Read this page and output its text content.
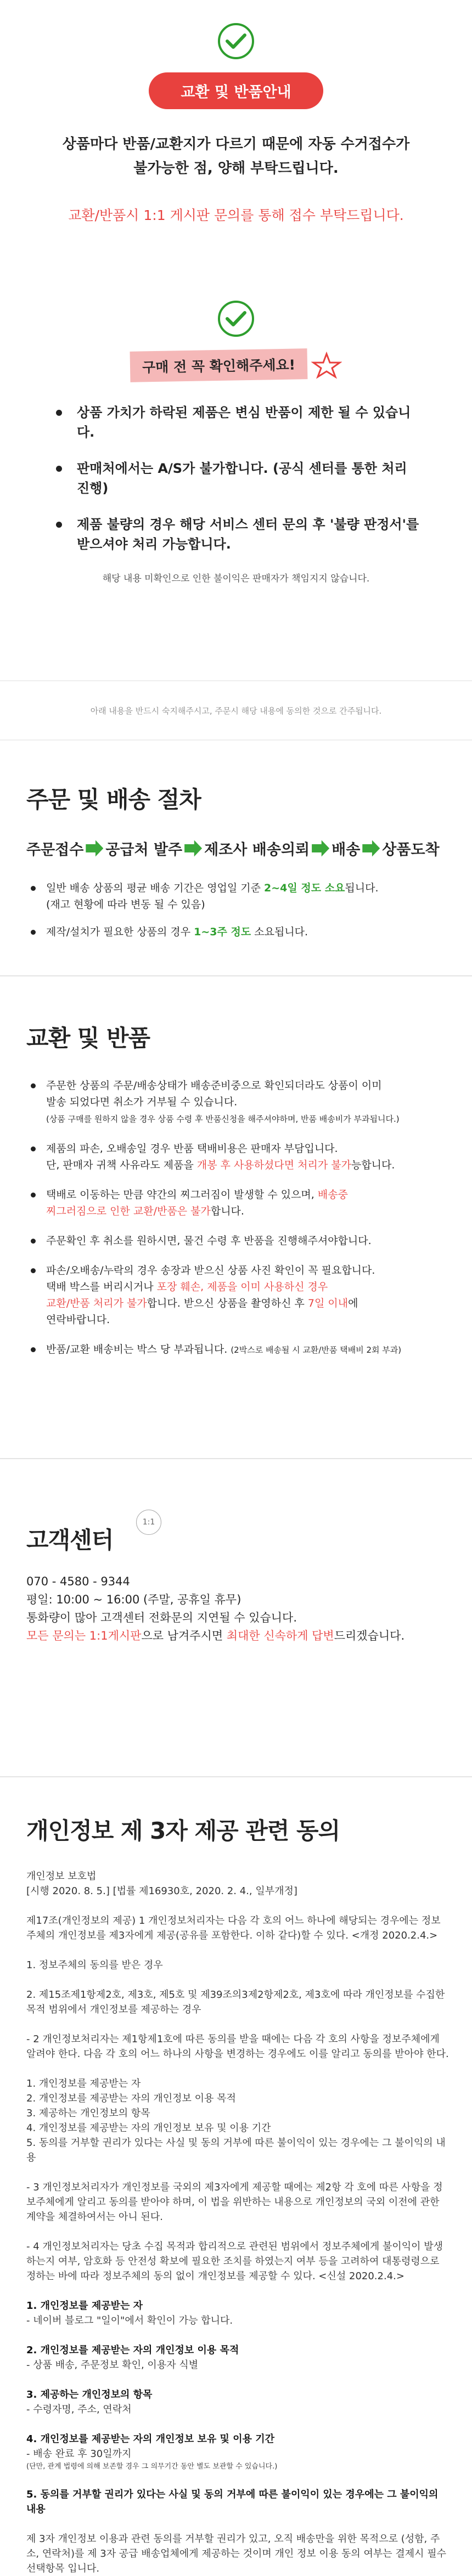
교환 및 반품안내
상품마다 반품/교환지가 다르기 때문에 자동 수거접수가
불가능한 점, 양해 부탁드립니다.
교환/반품시 1:1 게시판 문의를 통해 접수 부탁드립니다.
구매 전 꼭 확인해주세요!
상품 가치가 하락된 제품은 변심 반품이 제한 될 수 있습니다.
판매처에서는 A/S가 불가합니다. (공식 센터를 통한 처리 진행)
제품 불량의 경우 해당 서비스 센터 문의 후 '불량 판정서'를 받으셔야 처리 가능합니다.
해당 내용 미확인으로 인한 불이익은 판매자가 책임지지 않습니다.
아래 내용을 반드시 숙지해주시고, 주문시 해당 내용에 동의한 것으로 간주됩니다.
주문 및 배송 절차
주문접수 공급처 발주 제조사 배송의뢰 배송 상품도착
일반 배송 상품의 평균 배송 기간은 영업일 기준 2~4일 정도 소요됩니다.
(재고 현황에 따라 변동 될 수 있음)
제작/설치가 필요한 상품의 경우 1~3주 정도 소요됩니다.
교환 및 반품
주문한 상품의 주문/배송상태가 배송준비중으로 확인되더라도 상품이 이미
발송 되었다면 취소가 거부될 수 있습니다.
(상품 구매를 원하지 않을 경우 상품 수령 후 반품신청을 해주셔야하며, 반품 배송비가 부과됩니다.)
제품의 파손, 오배송일 경우 반품 택배비용은 판매자 부담입니다.
단, 판매자 귀책 사유라도 제품을 개봉 후 사용하셨다면 처리가 불가능합니다.
택배로 이동하는 만큼 약간의 찌그러짐이 발생할 수 있으며, 배송중
찌그러짐으로 인한 교환/반품은 불가합니다.
주문확인 후 취소를 원하시면, 물건 수령 후 반품을 진행해주셔야합니다.
파손/오배송/누락의 경우 송장과 받으신 상품 사진 확인이 꼭 필요합니다.
택배 박스를 버리시거나 포장 훼손, 제품을 이미 사용하신 경우
교환/반품 처리가 불가합니다. 받으신 상품을 촬영하신 후 7일 이내에
연락바랍니다.
반품/교환 배송비는 박스 당 부과됩니다. (2박스로 배송될 시 교환/반품 택배비 2회 부과)
고객센터
1:1

070 - 4580 - 9344

평일: 10:00 ~ 16:00 (주말, 공휴일 휴무)

통화량이 많아 고객센터 전화문의 지연될 수 있습니다.

모든 문의는 1:1게시판으로 남겨주시면 최대한 신속하게 답변드리겠습니다.

개인정보 제 3자 제공 관련 동의

개인정보 보호법

[시행 2020. 8. 5.] [법률 제16930호, 2020. 2. 4., 일부개정]

제17조(개인정보의 제공) 1 개인정보처리자는 다음 각 호의 어느 하나에 해당되는 경우에는 정보주체의 개인정보를 제3자에게 제공(공유를 포함한다. 이하 같다)할 수 있다. <개정 2020.2.4.>

1. 정보주체의 동의를 받은 경우

2. 제15조제1항제2호, 제3호, 제5호 및 제39조의3제2항제2호, 제3호에 따라 개인정보를 수집한 목적 범위에서 개인정보를 제공하는 경우

- 2 개인정보처리자는 제1항제1호에 따른 동의를 받을 때에는 다음 각 호의 사항을 정보주체에게 알려야 한다. 다음 각 호의 어느 하나의 사항을 변경하는 경우에도 이를 알리고 동의를 받아야 한다.

1. 개인정보를 제공받는 자
2. 개인정보를 제공받는 자의 개인정보 이용 목적
3. 제공하는 개인정보의 항목
4. 개인정보를 제공받는 자의 개인정보 보유 및 이용 기간
5. 동의를 거부할 권리가 있다는 사실 및 동의 거부에 따른 불이익이 있는 경우에는 그 불이익의 내용

- 3 개인정보처리자가 개인정보를 국외의 제3자에게 제공할 때에는 제2항 각 호에 따른 사항을 정보주체에게 알리고 동의를 받아야 하며, 이 법을 위반하는 내용으로 개인정보의 국외 이전에 관한 계약을 체결하여서는 아니 된다.

- 4 개인정보처리자는 당초 수집 목적과 합리적으로 관련된 범위에서 정보주체에게 불이익이 발생하는지 여부, 암호화 등 안전성 확보에 필요한 조치를 하였는지 여부 등을 고려하여 대통령령으로 정하는 바에 따라 정보주체의 동의 없이 개인정보를 제공할 수 있다. <신설 2020.2.4.>

1. 개인정보를 제공받는 자

- 네이버 블로그 "일이"에서 확인이 가능 합니다.

2. 개인정보를 제공받는 자의 개인정보 이용 목적

- 상품 배송, 주문정보 확인, 이용자 식별

3. 제공하는 개인정보의 항목

- 수령자명, 주소, 연락처

4. 개인정보를 제공받는 자의 개인정보 보유 및 이용 기간

- 배송 완료 후 30일까지

(단만, 관계 법령에 의해 보존할 경우 그 의무기간 동안 별도 보관할 수 있습니다.)

5. 동의를 거부할 권리가 있다는 사실 및 동의 거부에 따른 불이익이 있는 경우에는 그 불이익의 내용

제 3자 개인정보 이용과 관련 동의를 거부할 권리가 있고, 오직 배송만을 위한 목적으로 (성함, 주소, 연락처)를 제 3자 공급 배송업체에게 제공하는 것이며 개인 정보 이용 동의 여부는 결제시 필수 선택항목 입니다.
